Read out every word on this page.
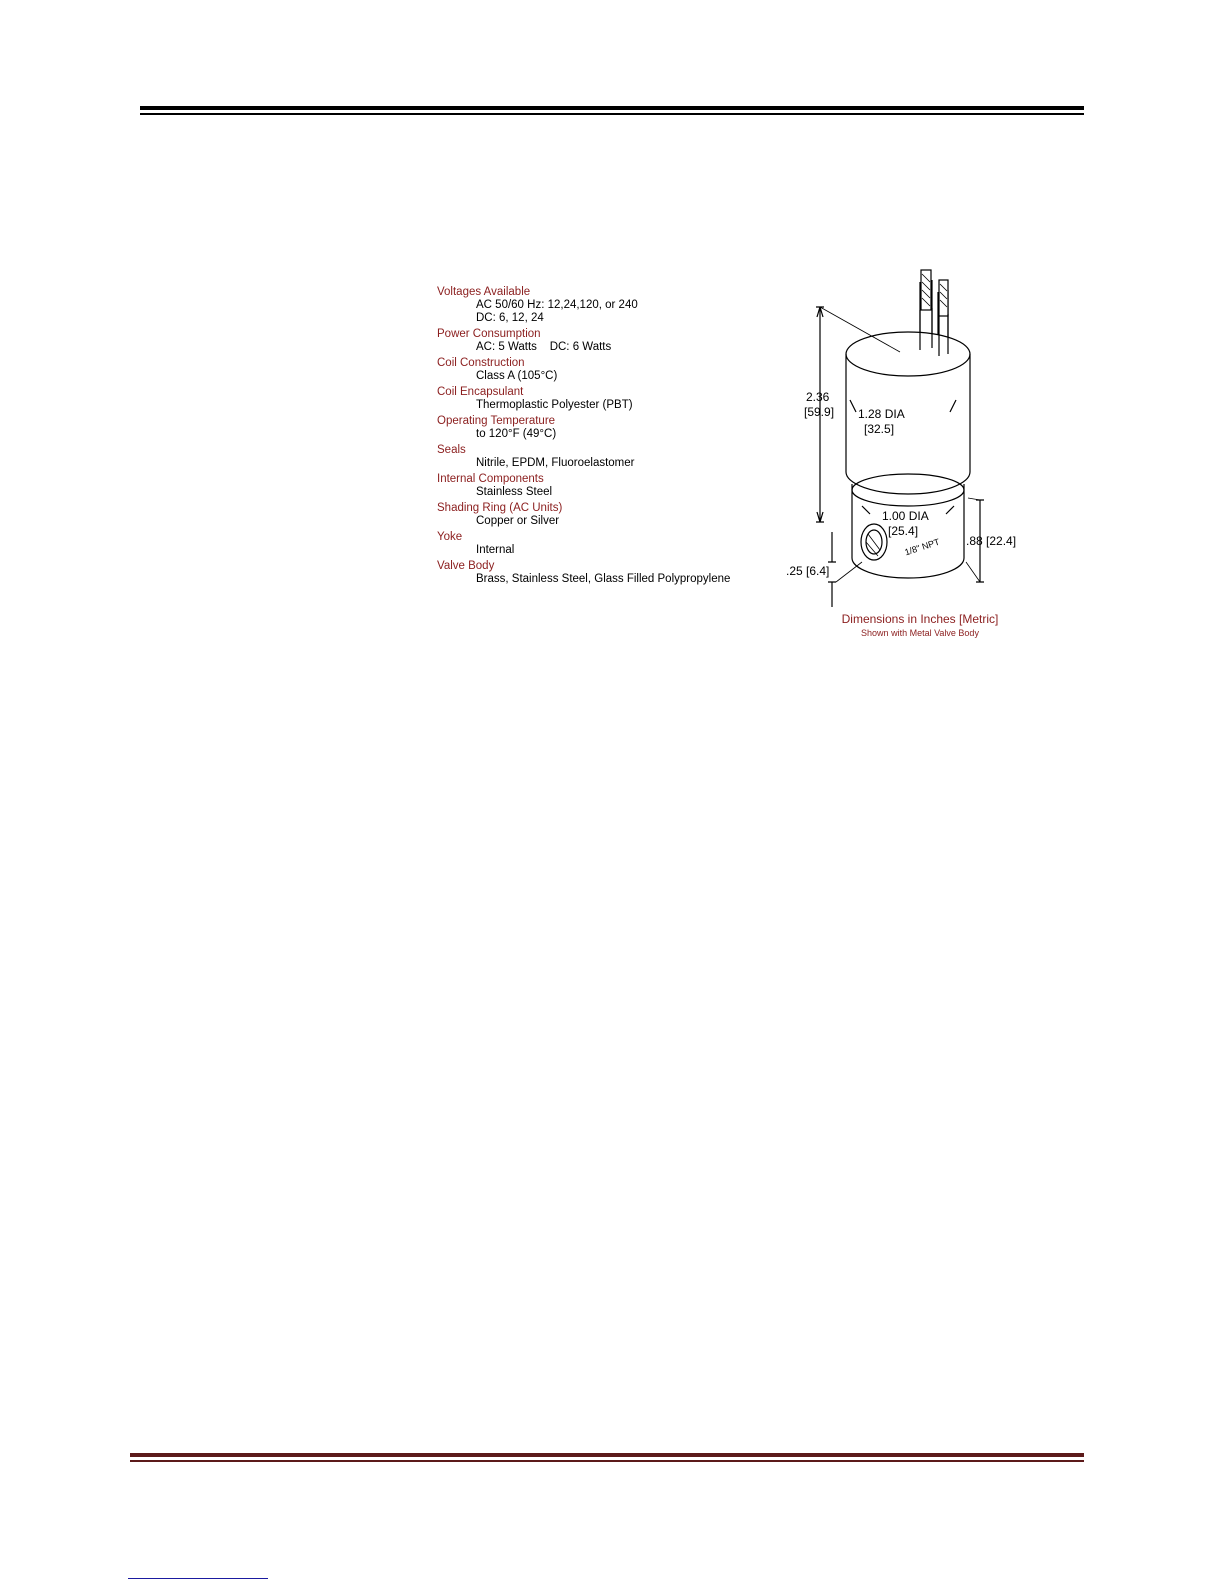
Voltages Available
AC 50/60 Hz: 12,24,120, or 240
DC: 6, 12, 24
Power Consumption
AC: 5 Watts    DC: 6 Watts
Coil Construction
Class A (105°C)
Coil Encapsulant
Thermoplastic Polyester (PBT)
Operating Temperature
to 120°F (49°C)
Seals
Nitrile, EPDM, Fluoroelastomer
Internal Components
Stainless Steel
Shading Ring (AC Units)
Copper or Silver
Yoke
Internal
Valve Body
Brass, Stainless Steel, Glass Filled Polypropylene
2.36
[59.9] 1.28 DIA
[32.5]
1.00 DIA
[25.4]
1/8" NPT .88 [22.4]
.25 [6.4]
Dimensions in Inches [Metric]
Shown with Metal Valve Body
